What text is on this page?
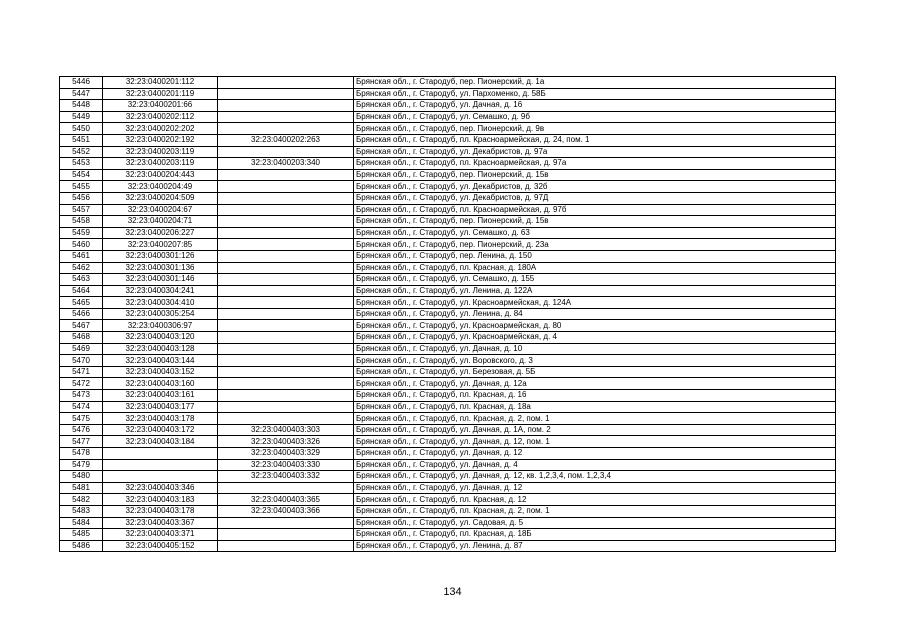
5446	32:23:0400201:112		Брянская обл., г. Стародуб, пер. Пионерский, д. 1а
5447	32:23:0400201:119		Брянская обл., г. Стародуб, ул. Пархоменко, д. 58Б
5448	32:23:0400201:66		Брянская обл., г. Стародуб, ул. Дачная, д. 16
5449	32:23:0400202:112		Брянская обл., г. Стародуб, ул. Семашко, д. 9б
5450	32:23:0400202:202		Брянская обл., г. Стародуб, пер. Пионерский, д. 9в
5451	32:23:0400202:192	32:23:0400202:263	Брянская обл., г. Стародуб, пл. Красноармейская, д. 24, пом. 1
5452	32:23:0400203:119		Брянская обл., г. Стародуб, ул. Декабристов, д. 97а
5453	32:23:0400203:119	32:23:0400203:340	Брянская обл., г. Стародуб, пл. Красноармейская, д. 97а
5454	32:23:0400204:443		Брянская обл., г. Стародуб, пер. Пионерский, д. 15в
5455	32:23:0400204:49		Брянская обл., г. Стародуб, ул. Декабристов, д. 32б
5456	32:23:0400204:509		Брянская обл., г. Стародуб, ул. Декабристов, д. 97Д
5457	32:23:0400204:67		Брянская обл., г. Стародуб, пл. Красноармейская, д. 97б
5458	32:23:0400204:71		Брянская обл., г. Стародуб, пер. Пионерский, д. 15в
5459	32:23:0400206:227		Брянская обл., г. Стародуб, ул. Семашко, д. 63
5460	32:23:0400207:85		Брянская обл., г. Стародуб, пер. Пионерский, д. 23а
5461	32:23:0400301:126		Брянская обл., г. Стародуб, пер. Ленина, д. 150
5462	32:23:0400301:136		Брянская обл., г. Стародуб, пл. Красная, д. 180А
5463	32:23:0400301:146		Брянская обл., г. Стародуб, ул. Семашко, д. 155
5464	32:23:0400304:241		Брянская обл., г. Стародуб, ул. Ленина, д. 122А
5465	32:23:0400304:410		Брянская обл., г. Стародуб, ул. Красноармейская, д. 124А
5466	32:23:0400305:254		Брянская обл., г. Стародуб, ул. Ленина, д. 84
5467	32:23:0400306:97		Брянская обл., г. Стародуб, ул. Красноармейская, д. 80
5468	32:23:0400403:120		Брянская обл., г. Стародуб, ул. Красноармейская, д. 4
5469	32:23:0400403:128		Брянская обл., г. Стародуб, ул. Дачная, д. 10
5470	32:23:0400403:144		Брянская обл., г. Стародуб, ул. Воровского, д. 3
5471	32:23:0400403:152		Брянская обл., г. Стародуб, ул. Березовая, д. 5Б
5472	32:23:0400403:160		Брянская обл., г. Стародуб, ул. Дачная, д. 12а
5473	32:23:0400403:161		Брянская обл., г. Стародуб, пл. Красная, д. 16
5474	32:23:0400403:177		Брянская обл., г. Стародуб, пл. Красная, д. 18а
5475	32:23:0400403:178		Брянская обл., г. Стародуб, пл. Красная, д. 2, пом. 1
5476	32:23:0400403:172	32:23:0400403:303	Брянская обл., г. Стародуб, ул. Дачная, д. 1А, пом. 2
5477	32:23:0400403:184	32:23:0400403:326	Брянская обл., г. Стародуб, ул. Дачная, д. 12, пом. 1
5478		32:23:0400403:329	Брянская обл., г. Стародуб, ул. Дачная, д. 12
5479		32:23:0400403:330	Брянская обл., г. Стародуб, ул. Дачная, д. 4
5480		32:23:0400403:332	Брянская обл., г. Стародуб, ул. Дачная, д. 12, кв. 1,2,3,4, пом. 1,2,3,4
5481	32:23:0400403:346		Брянская обл., г. Стародуб, ул. Дачная, д. 12
5482	32:23:0400403:183	32:23:0400403:365	Брянская обл., г. Стародуб, пл. Красная, д. 12
5483	32:23:0400403:178	32:23:0400403:366	Брянская обл., г. Стародуб, пл. Красная, д. 2, пом. 1
5484	32:23:0400403:367		Брянская обл., г. Стародуб, ул. Садовая, д. 5
5485	32:23:0400403:371		Брянская обл., г. Стародуб, пл. Красная, д. 18Б
5486	32:23:0400405:152		Брянская обл., г. Стародуб, ул. Ленина, д. 87
134
